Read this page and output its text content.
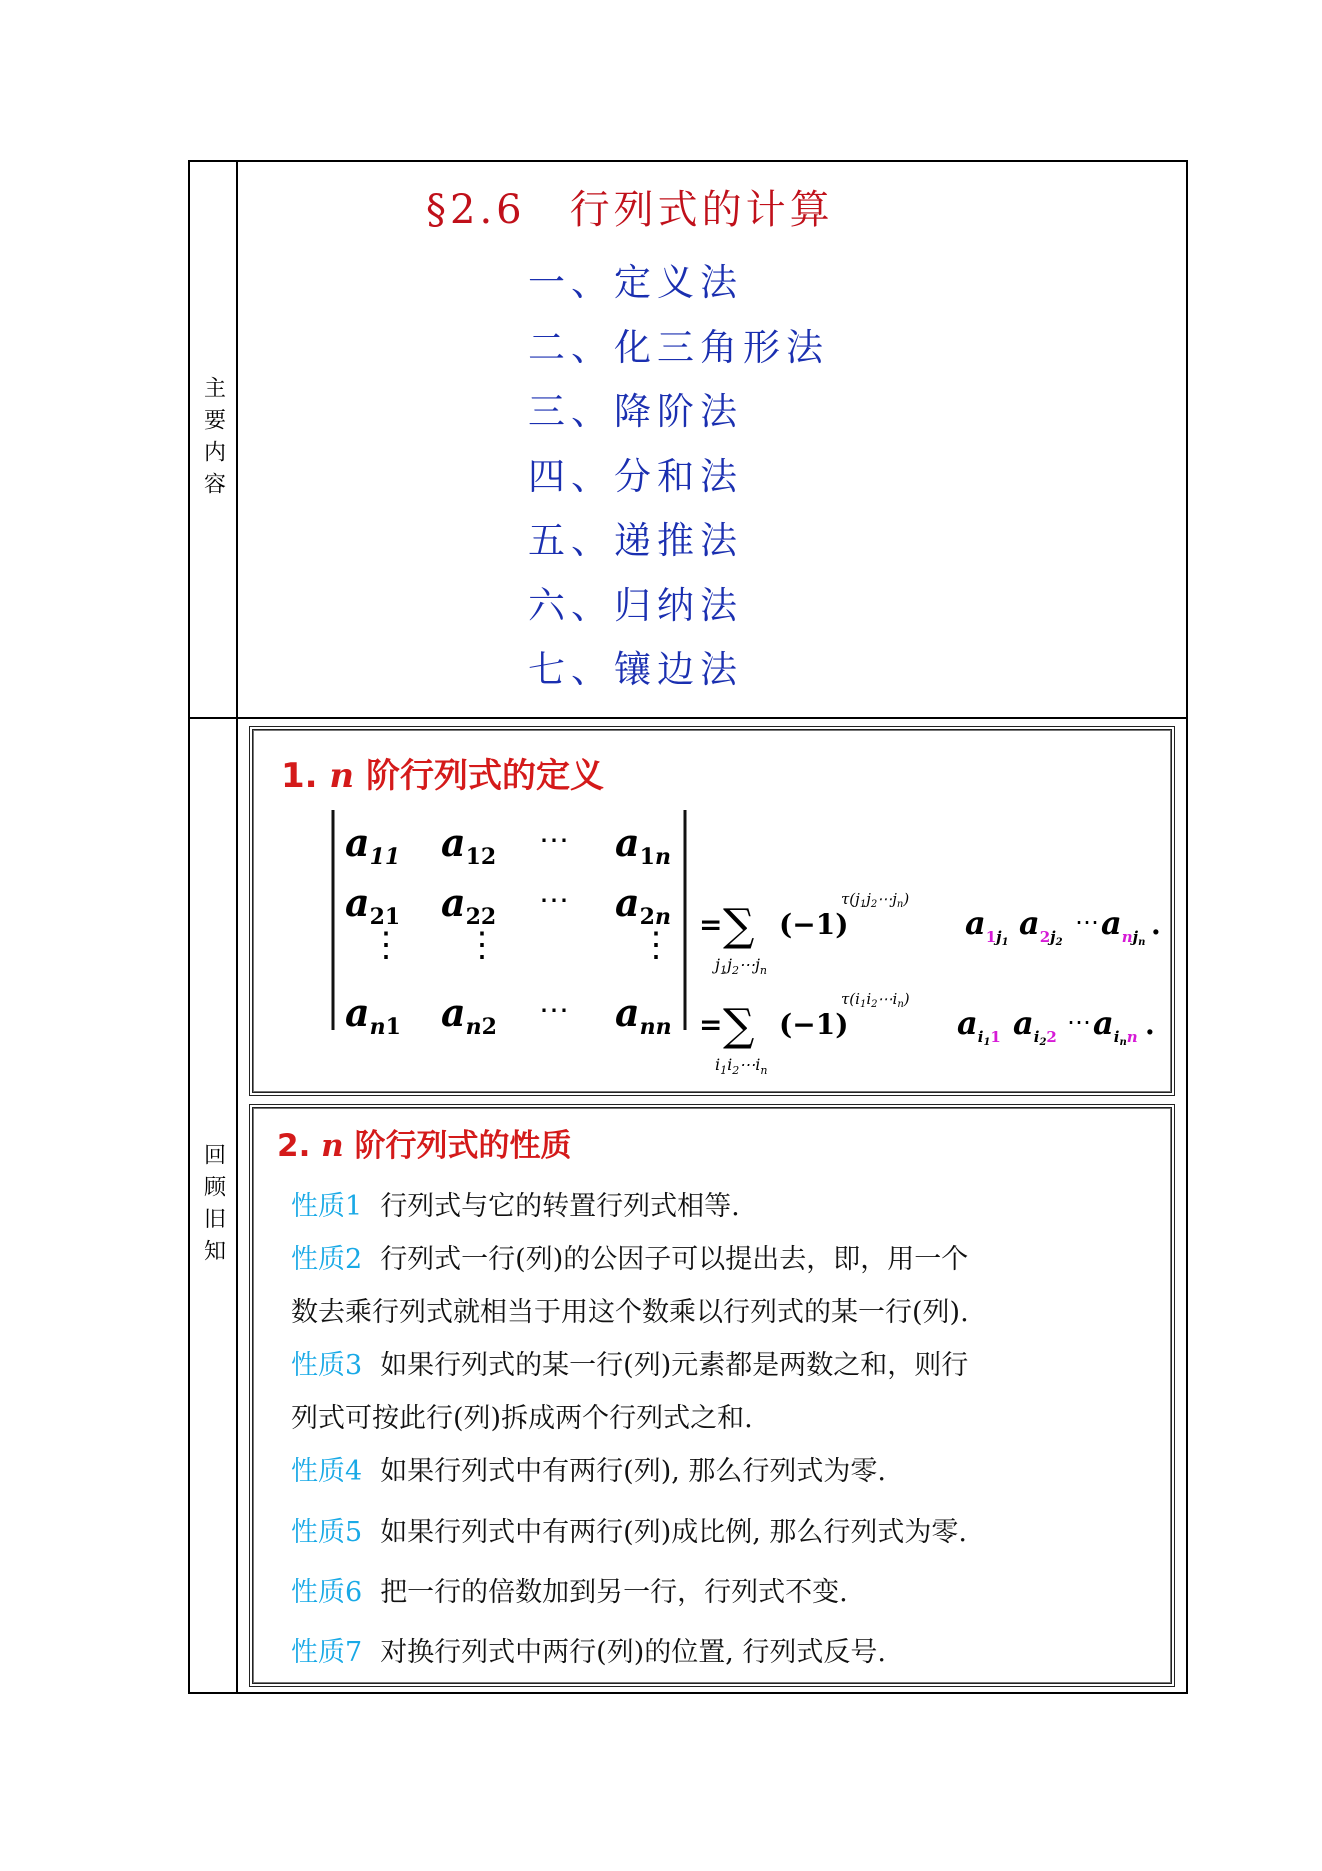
主要内容
§2.6　行列式的计算
一、定义法
二、化三角形法
三、降阶法
四、分和法
五、递推法
六、归纳法
七、镶边法
回顾旧知
1. n 阶行列式的定义
$a_{11}$ $a_{12}$ ⋯ $a_1n$
$a_{21}$ $a_{22}$ ⋯ $a_2n$
⋮ ⋮	⋮
$a_n1$ $a_n2$ ⋯ $a_{nn}$
= ∑
$j_1j_2\cdots j_n$
(−1)
$\tau(j_1j_2\cdots j_n)$
$a_1j1$
$a_2j2$
⋯ $a_njn$
.
= ∑
$i_1i_2\cdots i_n$
(−1)
$\tau(i_1i_2\cdots i_n)$
$a_i11$ $a_i22$
⋯ $a_inn$ .
2. n 阶行列式的性质
性质1 行列式与它的转置行列式相等.
性质2 行列式一行(列)的公因子可以提出去，即，用一个
数去乘行列式就相当于用这个数乘以行列式的某一行(列).
性质3 如果行列式的某一行(列)元素都是两数之和，则行
列式可按此行(列)拆成两个行列式之和.
性质4 如果行列式中有两行(列), 那么行列式为零.
性质5 如果行列式中有两行(列)成比例, 那么行列式为零.
性质6 把一行的倍数加到另一行，行列式不变.
性质7 对换行列式中两行(列)的位置, 行列式反号.
